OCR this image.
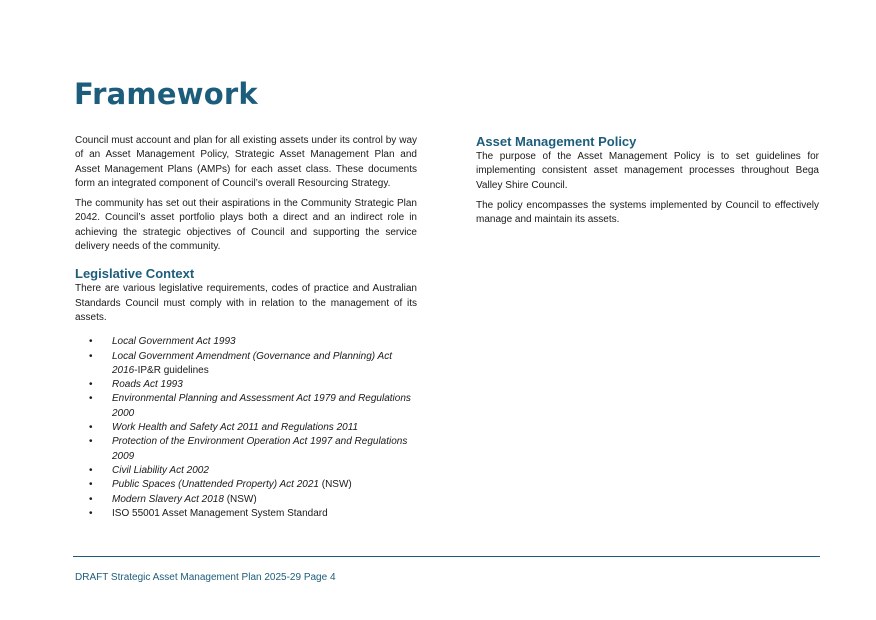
Framework

Council must account and plan for all existing assets under its control by way of an Asset Management Policy, Strategic Asset Management Plan and Asset Management Plans (AMPs) for each asset class. These documents form an integrated component of Council’s overall Resourcing Strategy.

The community has set out their aspirations in the Community Strategic Plan 2042. Council’s asset portfolio plays both a direct and an indirect role in achieving the strategic objectives of Council and supporting the service delivery needs of the community.

Legislative Context

There are various legislative requirements, codes of practice and Australian Standards Council must comply with in relation to the management of its assets.

• Local Government Act 1993
• Local Government Amendment (Governance and Planning) Act 2016-IP&R guidelines
• Roads Act 1993
• Environmental Planning and Assessment Act 1979 and Regulations 2000
• Work Health and Safety Act 2011 and Regulations 2011
• Protection of the Environment Operation Act 1997 and Regulations 2009
• Civil Liability Act 2002
• Public Spaces (Unattended Property) Act 2021 (NSW)
• Modern Slavery Act 2018 (NSW)
• ISO 55001 Asset Management System Standard
Asset Management Policy

The purpose of the Asset Management Policy is to set guidelines for implementing consistent asset management processes throughout Bega Valley Shire Council.

The policy encompasses the systems implemented by Council to effectively manage and maintain its assets.

DRAFT Strategic Asset Management Plan 2025-29 Page 4
